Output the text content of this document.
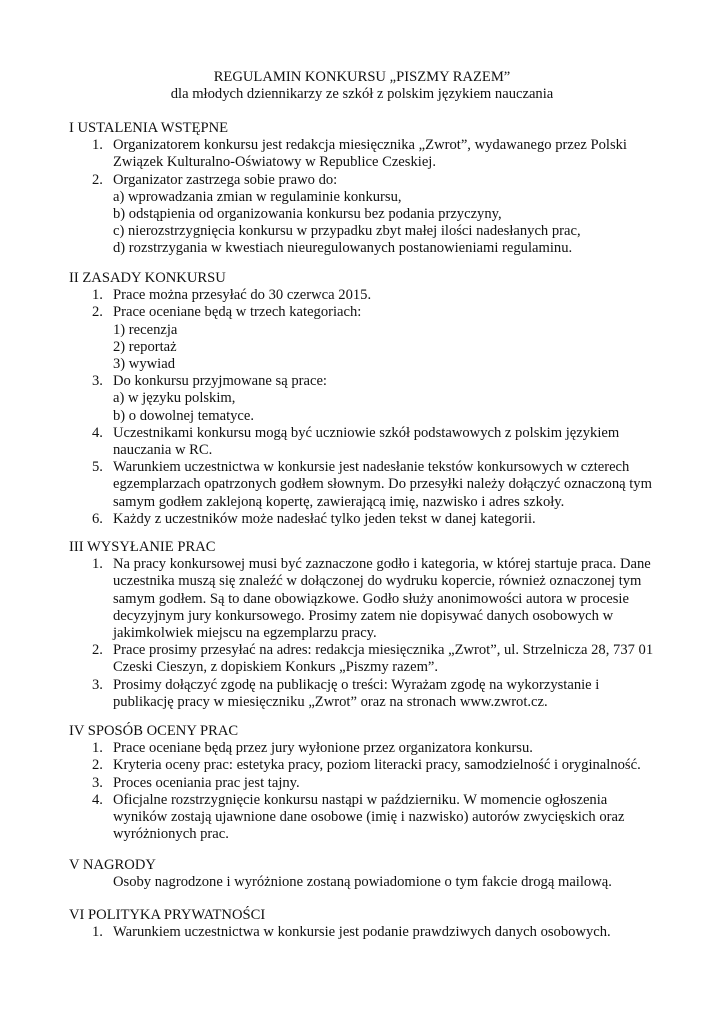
REGULAMIN KONKURSU „PISZMY RAZEM”
dla młodych dziennikarzy ze szkół z polskim językiem nauczania
I USTALENIA WSTĘPNE
1. Organizatorem konkursu jest redakcja miesięcznika „Zwrot”, wydawanego przez Polski
Związek Kulturalno-Oświatowy w Republice Czeskiej.
2. Organizator zastrzega sobie prawo do:
a) wprowadzania zmian w regulaminie konkursu,
b) odstąpienia od organizowania konkursu bez podania przyczyny,
c) nierozstrzygnięcia konkursu w przypadku zbyt małej ilości nadesłanych prac,
d) rozstrzygania w kwestiach nieuregulowanych postanowieniami regulaminu.
II ZASADY KONKURSU
1. Prace można przesyłać do 30 czerwca 2015.
2. Prace oceniane będą w trzech kategoriach:
1) recenzja
2) reportaż
3) wywiad
3. Do konkursu przyjmowane są prace:
a) w języku polskim,
b) o dowolnej tematyce.
4. Uczestnikami konkursu mogą być uczniowie szkół podstawowych z polskim językiem
nauczania w RC.
5. Warunkiem uczestnictwa w konkursie jest nadesłanie tekstów konkursowych w czterech
egzemplarzach opatrzonych godłem słownym. Do przesyłki należy dołączyć oznaczoną tym
samym godłem zaklejoną kopertę, zawierającą imię, nazwisko i adres szkoły.
6. Każdy z uczestników może nadesłać tylko jeden tekst w danej kategorii.
III WYSYŁANIE PRAC
1. Na pracy konkursowej musi być zaznaczone godło i kategoria, w której startuje praca. Dane
uczestnika muszą się znaleźć w dołączonej do wydruku kopercie, również oznaczonej tym
samym godłem. Są to dane obowiązkowe. Godło służy anonimowości autora w procesie
decyzyjnym jury konkursowego. Prosimy zatem nie dopisywać danych osobowych w
jakimkolwiek miejscu na egzemplarzu pracy.
2. Prace prosimy przesyłać na adres: redakcja miesięcznika „Zwrot”, ul. Strzelnicza 28, 737 01
Czeski Cieszyn, z dopiskiem Konkurs „Piszmy razem”.
3. Prosimy dołączyć zgodę na publikację o treści: Wyrażam zgodę na wykorzystanie i
publikację pracy w miesięczniku „Zwrot” oraz na stronach www.zwrot.cz.
IV SPOSÓB OCENY PRAC
1. Prace oceniane będą przez jury wyłonione przez organizatora konkursu.
2. Kryteria oceny prac: estetyka pracy, poziom literacki pracy, samodzielność i oryginalność.
3. Proces oceniania prac jest tajny.
4. Oficjalne rozstrzygnięcie konkursu nastąpi w październiku. W momencie ogłoszenia
wyników zostają ujawnione dane osobowe (imię i nazwisko) autorów zwycięskich oraz
wyróżnionych prac.
V NAGRODY
Osoby nagrodzone i wyróżnione zostaną powiadomione o tym fakcie drogą mailową.
VI POLITYKA PRYWATNOŚCI
1. Warunkiem uczestnictwa w konkursie jest podanie prawdziwych danych osobowych.
